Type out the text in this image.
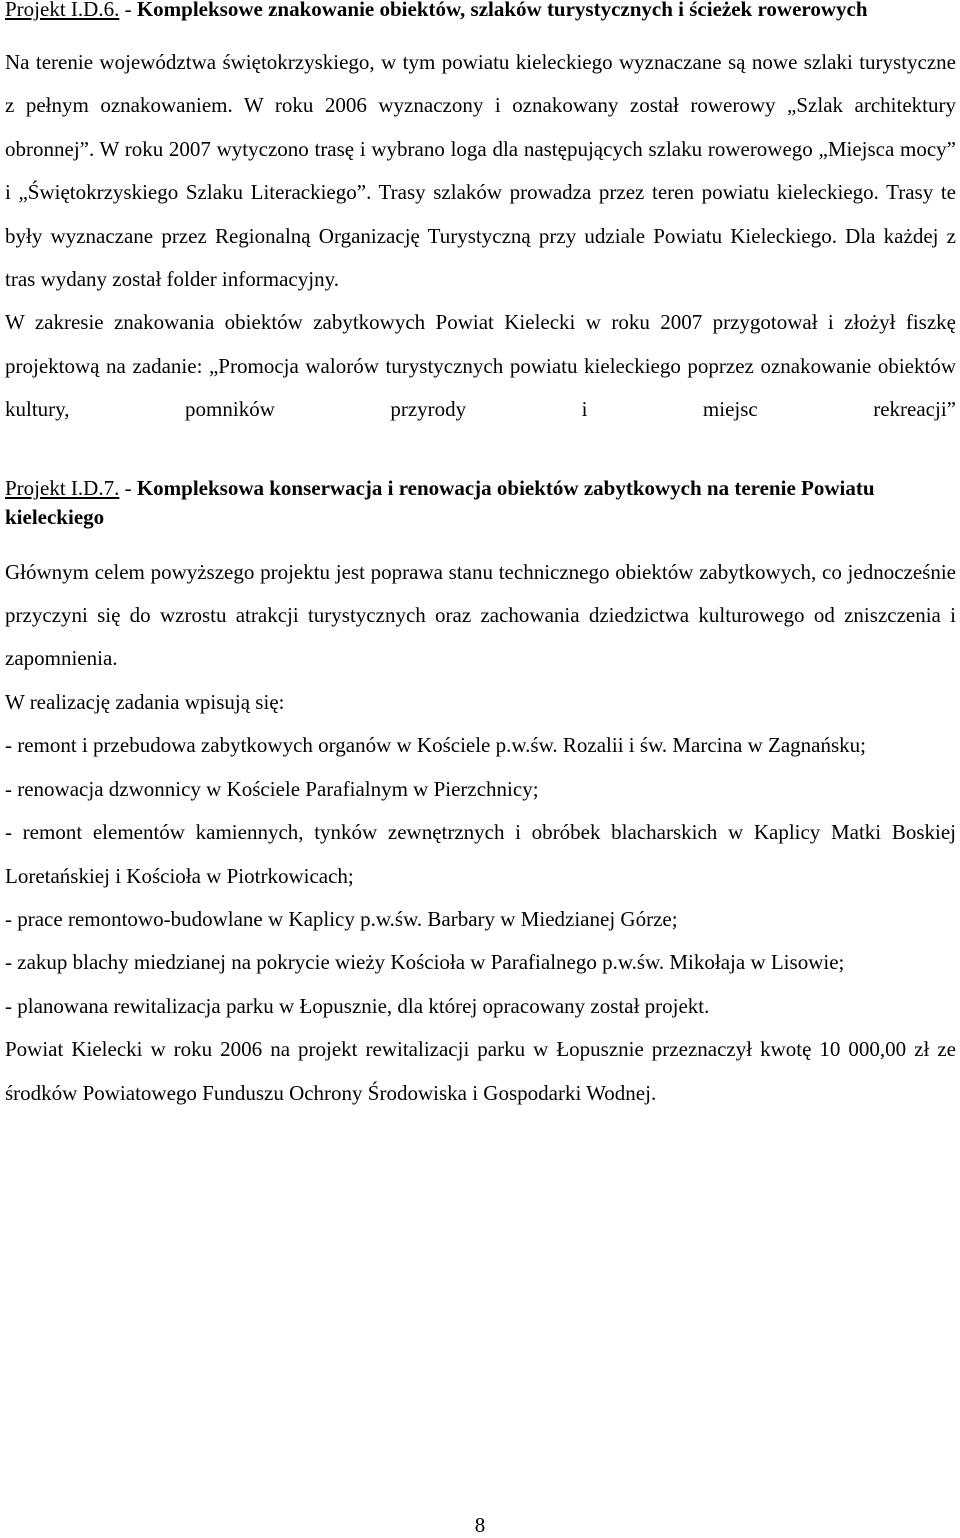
Projekt I.D.6. - Kompleksowe znakowanie obiektów, szlaków turystycznych i ścieżek rowerowych

Na terenie województwa świętokrzyskiego, w tym powiatu kieleckiego wyznaczane są nowe szlaki turystyczne z pełnym oznakowaniem. W roku 2006 wyznaczony i oznakowany został rowerowy „Szlak architektury obronnej”. W roku 2007 wytyczono trasę i wybrano loga dla następujących szlaku rowerowego „Miejsca mocy” i „Świętokrzyskiego Szlaku Literackiego”. Trasy szlaków prowadza przez teren powiatu kieleckiego. Trasy te były wyznaczane przez Regionalną Organizację Turystyczną przy udziale Powiatu Kieleckiego. Dla każdej z tras wydany został folder informacyjny.

W zakresie znakowania obiektów zabytkowych Powiat Kielecki w roku 2007 przygotował i złożył fiszkę projektową na zadanie: „Promocja walorów turystycznych powiatu kieleckiego poprzez oznakowanie obiektów kultury, pomników przyrody i miejsc rekreacji”

Projekt I.D.7. - Kompleksowa konserwacja i renowacja obiektów zabytkowych na terenie Powiatu kieleckiego

Głównym celem powyższego projektu jest poprawa stanu technicznego obiektów zabytkowych, co jednocześnie przyczyni się do wzrostu atrakcji turystycznych oraz zachowania dziedzictwa kulturowego od zniszczenia i zapomnienia.

W realizację zadania wpisują się:

- remont i przebudowa zabytkowych organów w Kościele p.w.św. Rozalii i św. Marcina w Zagnańsku;

- renowacja dzwonnicy w Kościele Parafialnym w Pierzchnicy;

- remont elementów kamiennych, tynków zewnętrznych i obróbek blacharskich w Kaplicy Matki Boskiej Loretańskiej i Kościoła w Piotrkowicach;

- prace remontowo-budowlane w Kaplicy p.w.św. Barbary w Miedzianej Górze;

- zakup blachy miedzianej na pokrycie wieży Kościoła w Parafialnego p.w.św. Mikołaja w Lisowie;

- planowana rewitalizacja parku w Łopusznie, dla której opracowany został projekt.

Powiat Kielecki w roku 2006 na projekt rewitalizacji parku w Łopusznie przeznaczył kwotę 10 000,00 zł ze środków Powiatowego Funduszu Ochrony Środowiska i Gospodarki Wodnej.

8
